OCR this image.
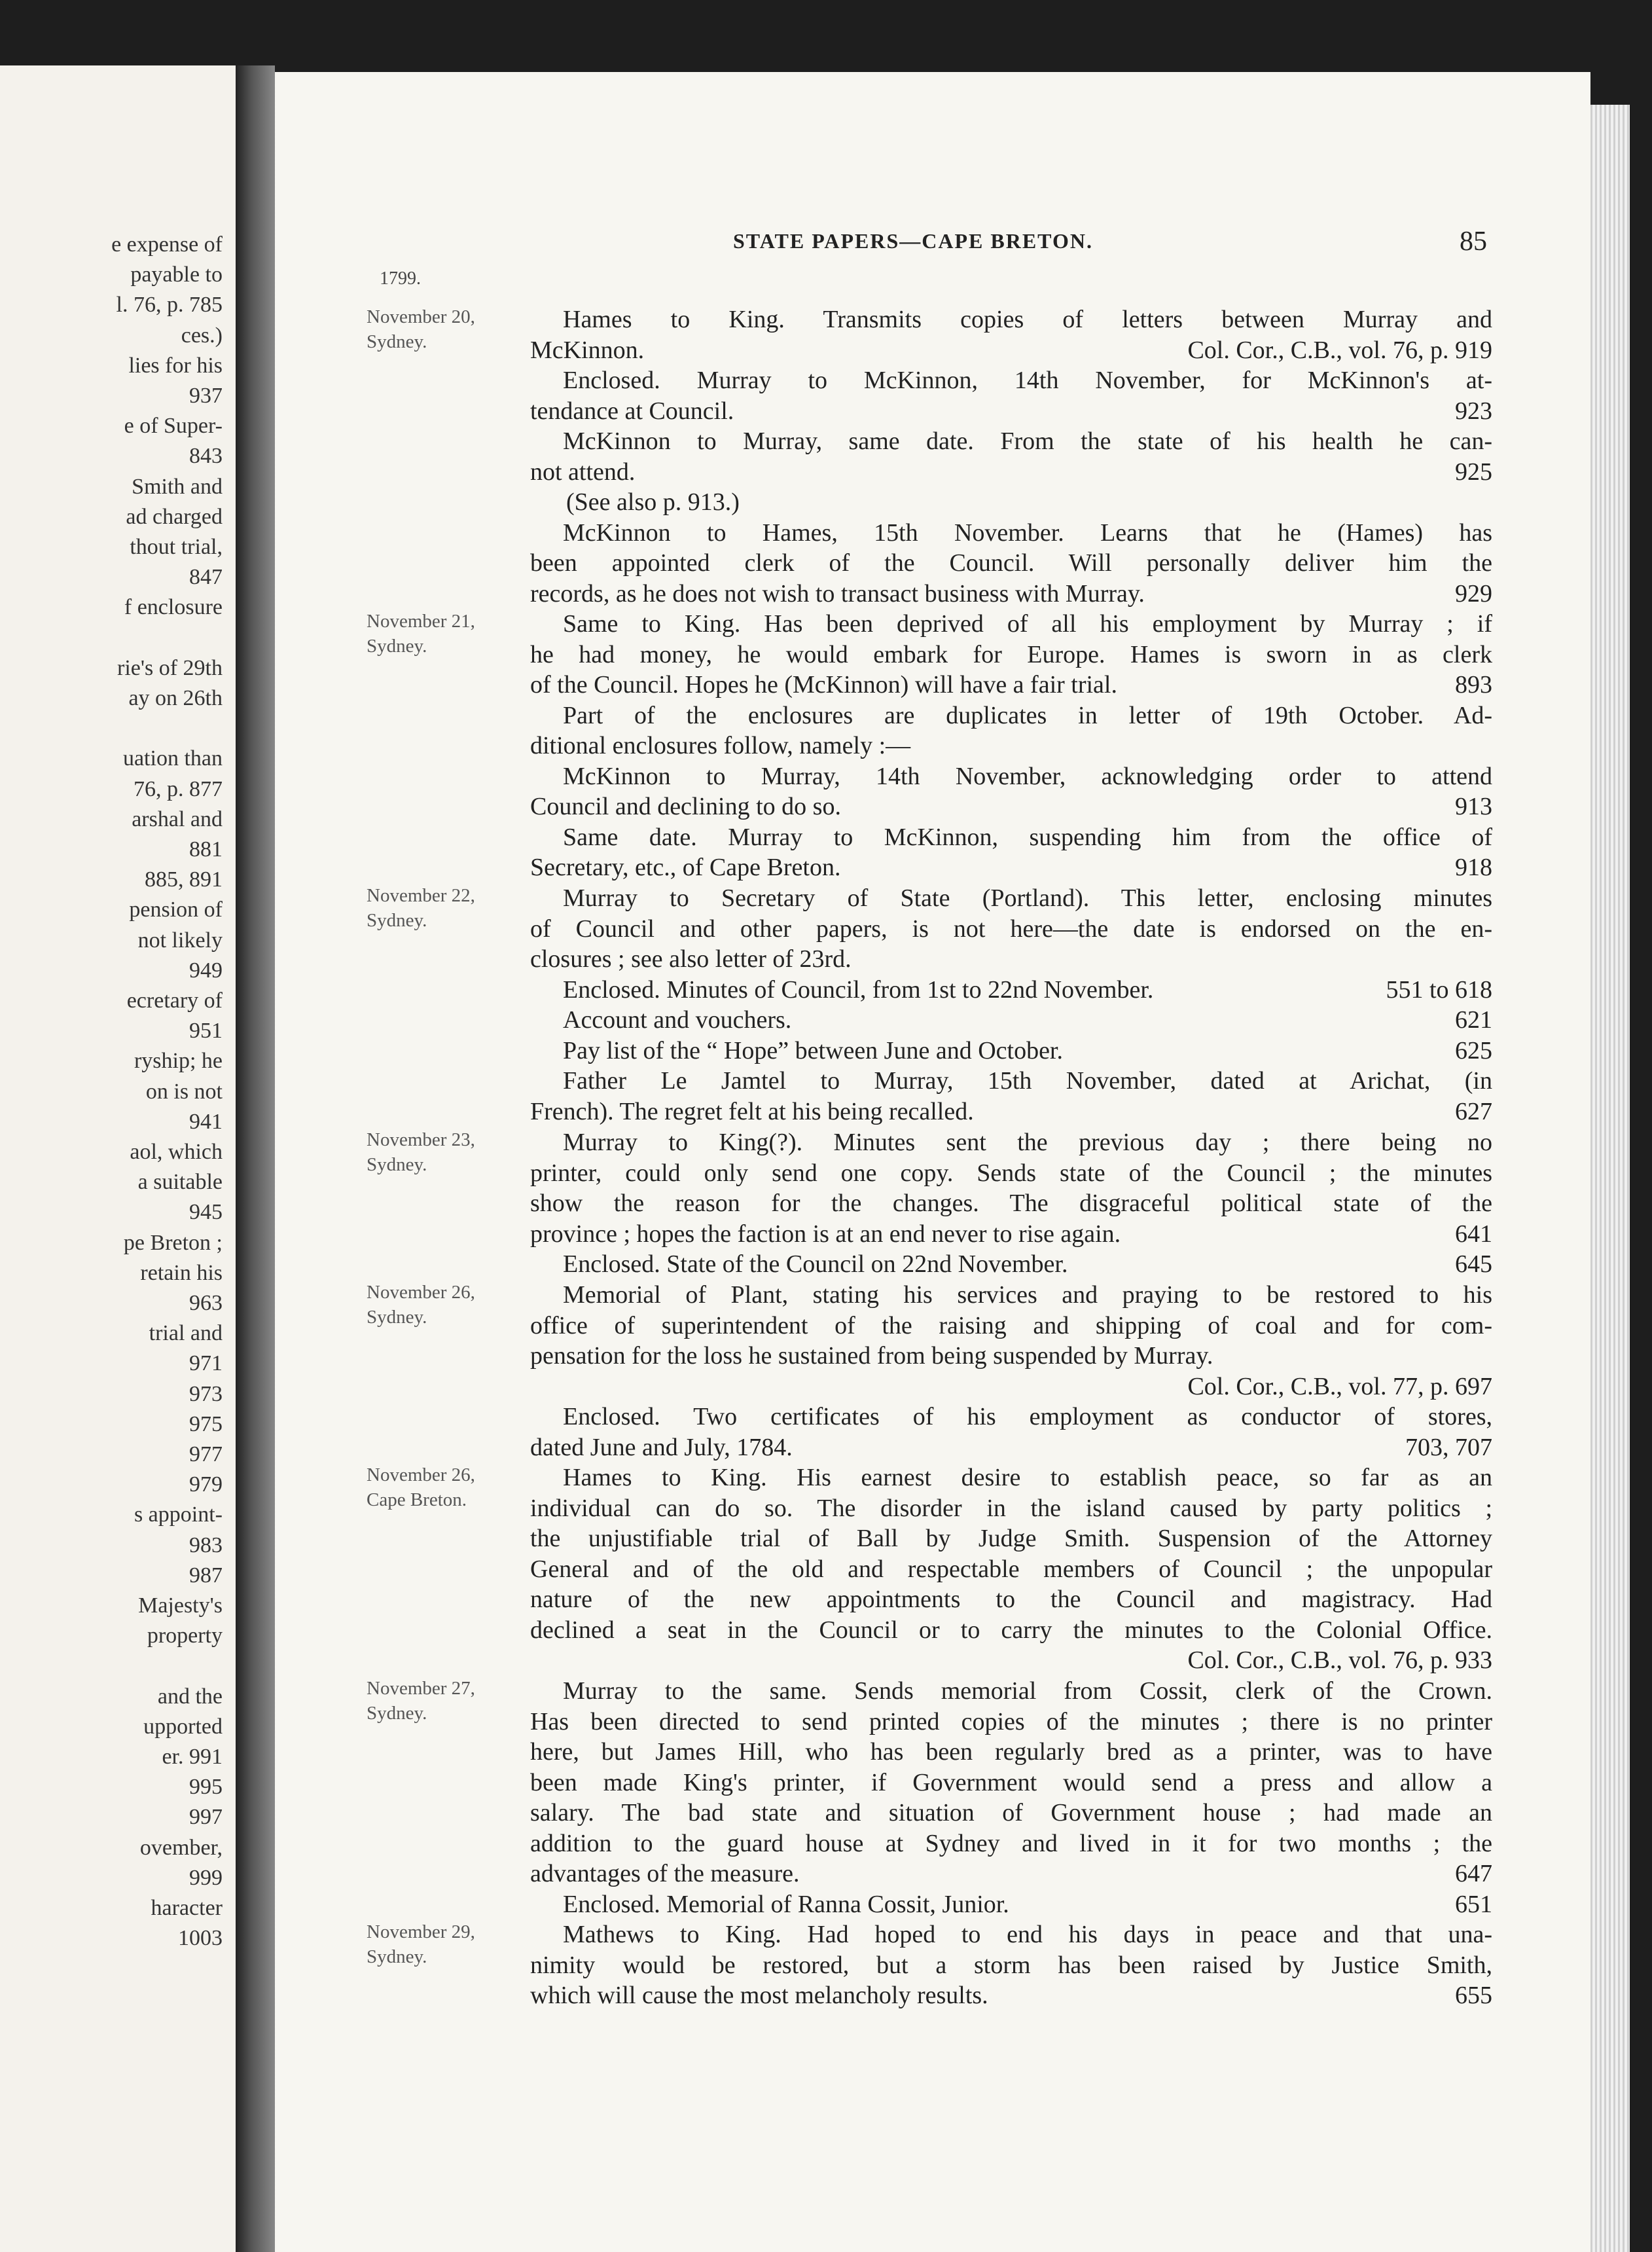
e expense of
payable to
l. 76, p. 785
ces.)
lies for his
937
e of Super-
843
Smith and
ad charged
thout trial,
847
f enclosure
rie's of 29th
ay on 26th
uation than
76, p. 877
arshal and
881
885, 891
pension of
not likely
949
ecretary of
951
ryship; he
on is not
941
aol, which
a suitable
945
pe Breton ;
retain his
963
trial and
971
973
975
977
979
s appoint-
983
987
Majesty's
property
and the
upported
er. 991
995
997
ovember,
999
haracter
1003
STATE PAPERS—CAPE BRETON.	85
1799.
November 20,
Sydney.
Hames to King. Transmits copies of letters between Murray and
McKinnon.	Col. Cor., C.B., vol. 76, p. 919
Enclosed. Murray to McKinnon, 14th November, for McKinnon's at-
tendance at Council.	923
McKinnon to Murray, same date. From the state of his health he can-
not attend.	925
(See also p. 913.)
McKinnon to Hames, 15th November. Learns that he (Hames) has
been appointed clerk of the Council. Will personally deliver him the
records, as he does not wish to transact business with Murray.	929
November 21,
Sydney.
Same to King. Has been deprived of all his employment by Murray ; if
he had money, he would embark for Europe. Hames is sworn in as clerk
of the Council. Hopes he (McKinnon) will have a fair trial.	893
Part of the enclosures are duplicates in letter of 19th October. Ad-
ditional enclosures follow, namely :—
McKinnon to Murray, 14th November, acknowledging order to attend
Council and declining to do so.	913
Same date. Murray to McKinnon, suspending him from the office of
Secretary, etc., of Cape Breton.	918
November 22,
Sydney.
Murray to Secretary of State (Portland). This letter, enclosing minutes
of Council and other papers, is not here—the date is endorsed on the en-
closures ; see also letter of 23rd.
Enclosed. Minutes of Council, from 1st to 22nd November.	551 to 618
Account and vouchers.	621
Pay list of the “ Hope” between June and October.	625
Father Le Jamtel to Murray, 15th November, dated at Arichat, (in
French). The regret felt at his being recalled.	627
November 23,
Sydney.
Murray to King(?). Minutes sent the previous day ; there being no
printer, could only send one copy. Sends state of the Council ; the minutes
show the reason for the changes. The disgraceful political state of the
province ; hopes the faction is at an end never to rise again.	641
Enclosed. State of the Council on 22nd November.	645
November 26,
Sydney.
Memorial of Plant, stating his services and praying to be restored to his
office of superintendent of the raising and shipping of coal and for com-
pensation for the loss he sustained from being suspended by Murray.
Col. Cor., C.B., vol. 77, p. 697
Enclosed. Two certificates of his employment as conductor of stores,
dated June and July, 1784.	703, 707
November 26,
Cape Breton.
Hames to King. His earnest desire to establish peace, so far as an
individual can do so. The disorder in the island caused by party politics ;
the unjustifiable trial of Ball by Judge Smith. Suspension of the Attorney
General and of the old and respectable members of Council ; the unpopular
nature of the new appointments to the Council and magistracy. Had
declined a seat in the Council or to carry the minutes to the Colonial Office.
Col. Cor., C.B., vol. 76, p. 933
November 27,
Sydney.
Murray to the same. Sends memorial from Cossit, clerk of the Crown.
Has been directed to send printed copies of the minutes ; there is no printer
here, but James Hill, who has been regularly bred as a printer, was to have
been made King's printer, if Government would send a press and allow a
salary. The bad state and situation of Government house ; had made an
addition to the guard house at Sydney and lived in it for two months ; the
advantages of the measure.	647
Enclosed. Memorial of Ranna Cossit, Junior.	651
November 29,
Sydney.
Mathews to King. Had hoped to end his days in peace and that una-
nimity would be restored, but a storm has been raised by Justice Smith,
which will cause the most melancholy results.	655
